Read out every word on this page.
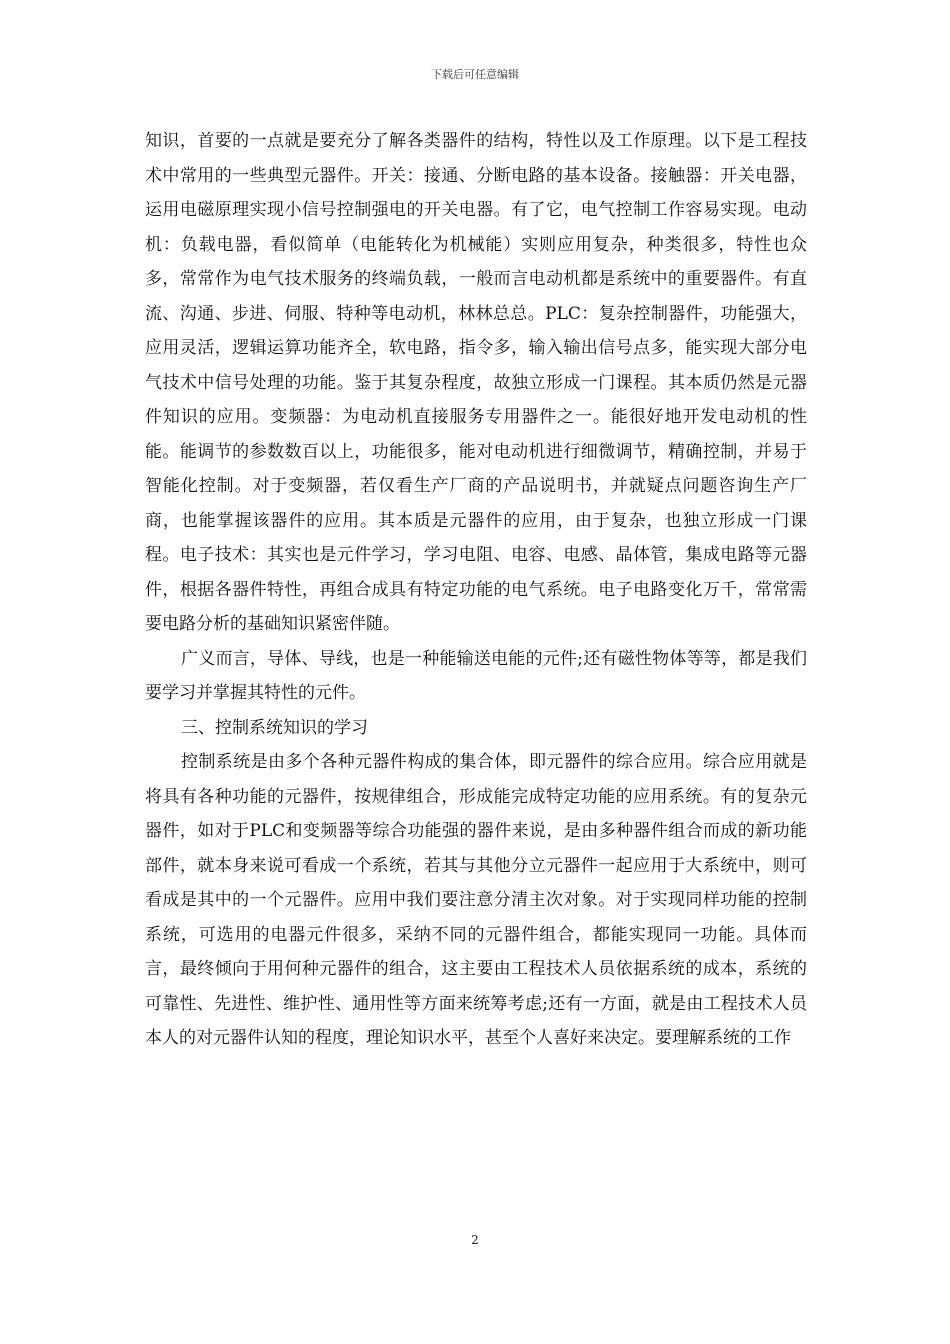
下载后可任意编辑

知识，首要的一点就是要充分了解各类器件的结构，特性以及工作原理。以下是工程技术中常用的一些典型元器件。开关：接通、分断电路的基本设备。接触器：开关电器，运用电磁原理实现小信号控制强电的开关电器。有了它，电气控制工作容易实现。电动机：负载电器，看似简单（电能转化为机械能）实则应用复杂，种类很多，特性也众多，常常作为电气技术服务的终端负载，一般而言电动机都是系统中的重要器件。有直流、沟通、步进、伺服、特种等电动机，林林总总。PLC：复杂控制器件，功能强大，应用灵活，逻辑运算功能齐全，软电路，指令多，输入输出信号点多，能实现大部分电气技术中信号处理的功能。鉴于其复杂程度，故独立形成一门课程。其本质仍然是元器件知识的应用。变频器：为电动机直接服务专用器件之一。能很好地开发电动机的性能。能调节的参数数百以上，功能很多，能对电动机进行细微调节，精确控制，并易于智能化控制。对于变频器，若仅看生产厂商的产品说明书，并就疑点问题咨询生产厂商，也能掌握该器件的应用。其本质是元器件的应用，由于复杂，也独立形成一门课程。电子技术：其实也是元件学习，学习电阻、电容、电感、晶体管，集成电路等元器件，根据各器件特性，再组合成具有特定功能的电气系统。电子电路变化万千，常常需要电路分析的基础知识紧密伴随。

广义而言，导体、导线，也是一种能输送电能的元件;还有磁性物体等等，都是我们要学习并掌握其特性的元件。

三、控制系统知识的学习

控制系统是由多个各种元器件构成的集合体，即元器件的综合应用。综合应用就是将具有各种功能的元器件，按规律组合，形成能完成特定功能的应用系统。有的复杂元器件，如对于PLC和变频器等综合功能强的器件来说，是由多种器件组合而成的新功能部件，就本身来说可看成一个系统，若其与其他分立元器件一起应用于大系统中，则可看成是其中的一个元器件。应用中我们要注意分清主次对象。对于实现同样功能的控制系统，可选用的电器元件很多，采纳不同的元器件组合，都能实现同一功能。具体而言，最终倾向于用何种元器件的组合，这主要由工程技术人员依据系统的成本，系统的可靠性、先进性、维护性、通用性等方面来统筹考虑;还有一方面，就是由工程技术人员本人的对元器件认知的程度，理论知识水平，甚至个人喜好来决定。要理解系统的工作

2
